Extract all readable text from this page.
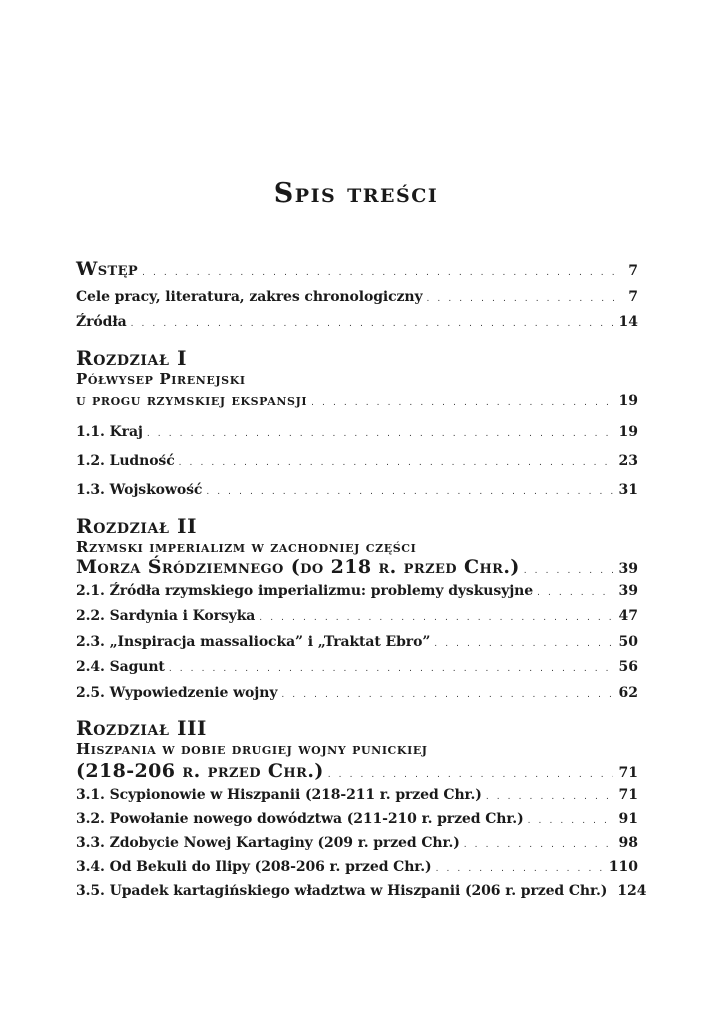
Spis treści
Wstęp . . .	7
Cele pracy, literatura, zakres chronologiczny . . .	7
Źródła . . .	14
Rozdział I
Półwysep Pirenejski
u progu rzymskiej ekspansji . . .	19
1.1. Kraj . . .	19
1.2. Ludność . . .	23
1.3. Wojskowość . . .	31
Rozdział II
Rzymski imperializm w zachodniej części
Morza Śródziemnego (do 218 r. przed Chr.) . . .	39
2.1. Źródła rzymskiego imperializmu: problemy dyskusyjne . . .	39
2.2. Sardynia i Korsyka . . .	47
2.3. „Inspiracja massaliocka” i „Traktat Ebro” . . .	50
2.4. Sagunt . . .	56
2.5. Wypowiedzenie wojny . . .	62
Rozdział III
Hiszpania w dobie drugiej wojny punickiej
(218-206 r. przed Chr.) . . .	71
3.1. Scypionowie w Hiszpanii (218-211 r. przed Chr.) . . .	71
3.2. Powołanie nowego dowództwa (211-210 r. przed Chr.) . . .	91
3.3. Zdobycie Nowej Kartaginy (209 r. przed Chr.) . . .	98
3.4. Od Bekuli do Ilipy (208-206 r. przed Chr.) . . .	110
3.5. Upadek kartagińskiego władztwa w Hiszpanii (206 r. przed Chr.) 124
